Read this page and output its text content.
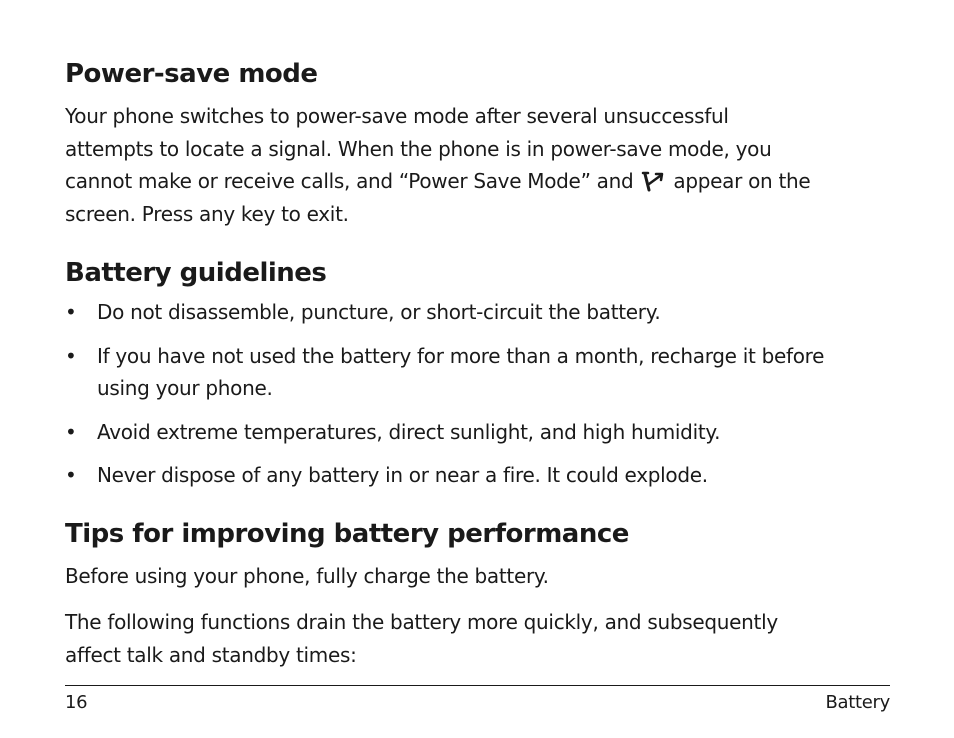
Power-save mode

Your phone switches to power-save mode after several unsuccessful
attempts to locate a signal. When the phone is in power-save mode, you
cannot make or receive calls, and “Power Save Mode” and appear on the
screen. Press any key to exit.

Battery guidelines
• Do not disassemble, puncture, or short-circuit the battery.
• If you have not used the battery for more than a month, recharge it before
using your phone.
• Avoid extreme temperatures, direct sunlight, and high humidity.
• Never dispose of any battery in or near a fire. It could explode.
Tips for improving battery performance

Before using your phone, fully charge the battery.

The following functions drain the battery more quickly, and subsequently
affect talk and standby times:

16	Battery
